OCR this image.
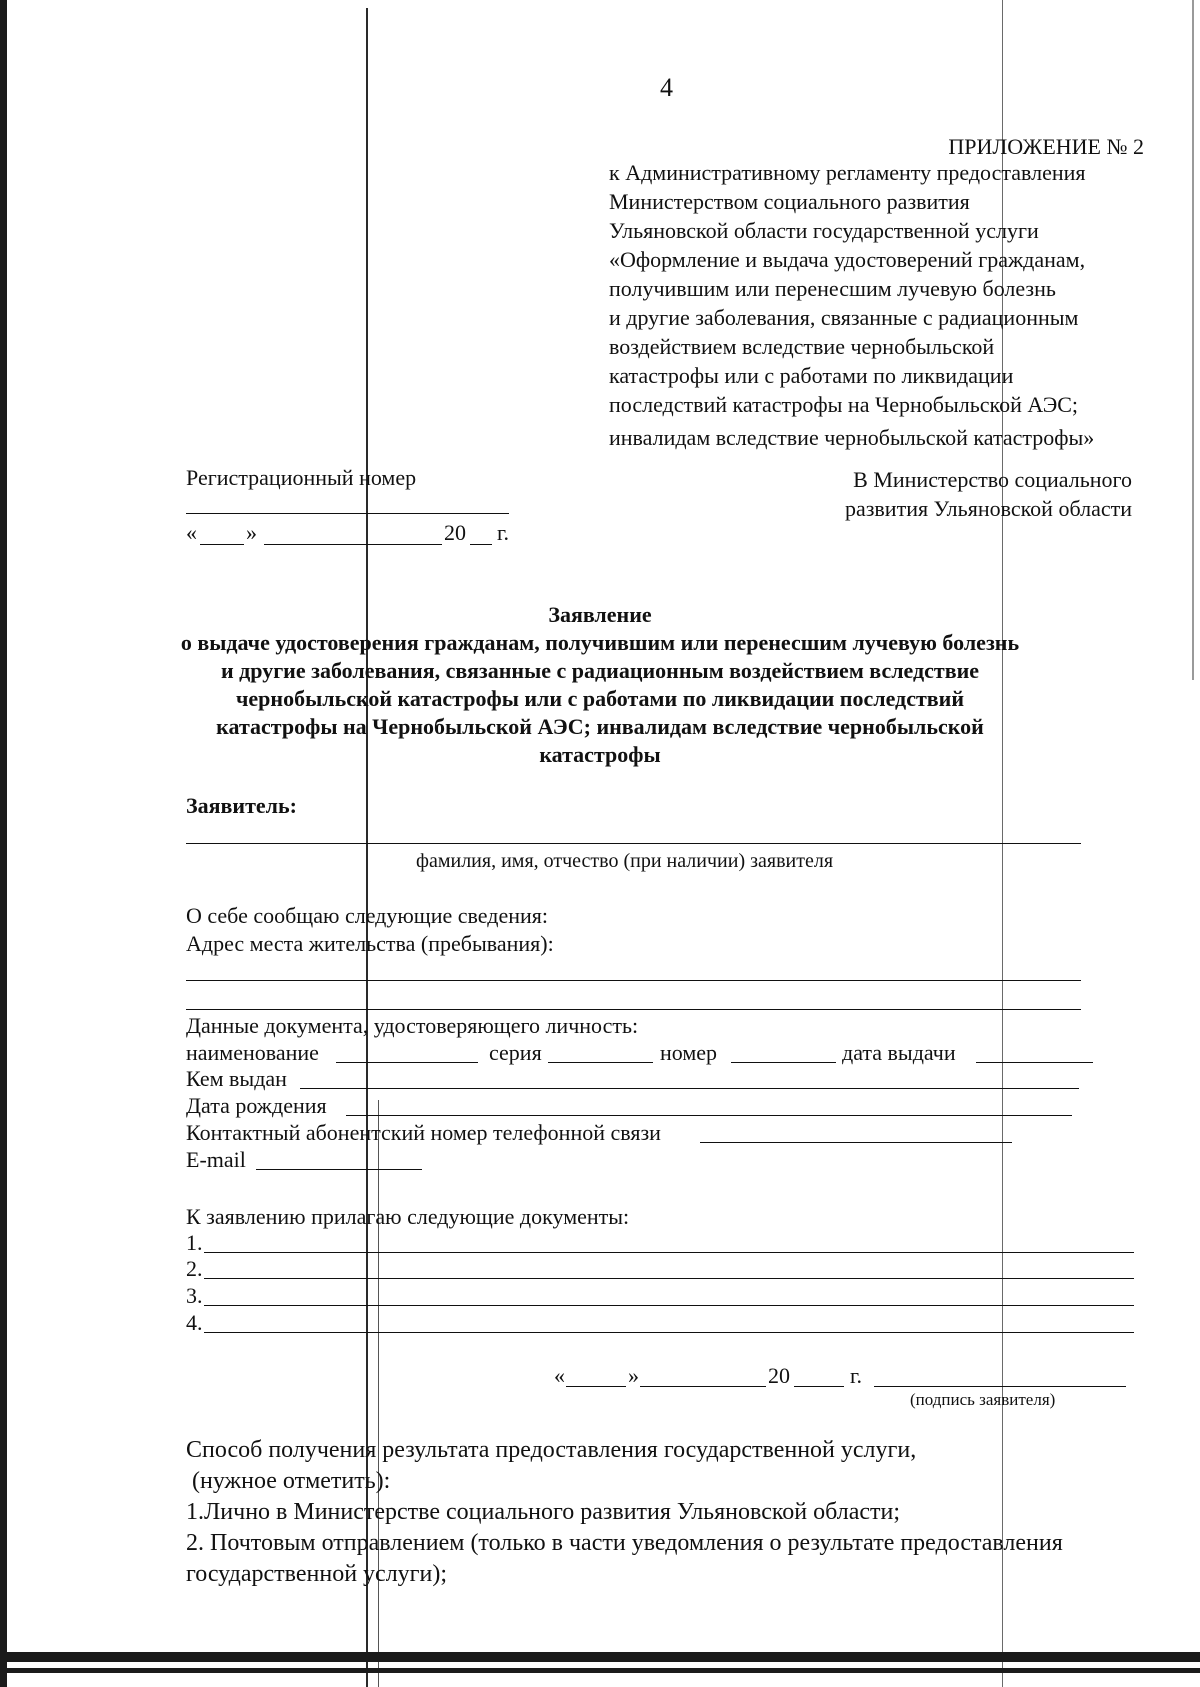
4
ПРИЛОЖЕНИЕ № 2
к Административному регламенту предоставления
Министерством социального развития
Ульяновской области государственной услуги
«Оформление и выдача удостоверений гражданам,
получившим или перенесшим лучевую болезнь
и другие заболевания, связанные с радиационным
воздействием вследствие чернобыльской
катастрофы или с работами по ликвидации
последствий катастрофы на Чернобыльской АЭС;
инвалидам вследствие чернобыльской катастрофы»
Регистрационный номер
« »	20 г.
В Министерство социального
развития Ульяновской области
Заявление
о выдаче удостоверения гражданам, получившим или перенесшим лучевую болезнь
и другие заболевания, связанные с радиационным воздействием вследствие
чернобыльской катастрофы или с работами по ликвидации последствий
катастрофы на Чернобыльской АЭС; инвалидам вследствие чернобыльской
катастрофы
Заявитель:
фамилия, имя, отчество (при наличии) заявителя
О себе сообщаю следующие сведения:
Адрес места жительства (пребывания):
Данные документа, удостоверяющего личность:
наименование	серия	номер	дата выдачи
Кем выдан
Дата рождения
Контактный абонентский номер телефонной связи
E-mail
К заявлению прилагаю следующие документы:
1.
2.
3.
4.
«	»	20	г.
(подпись заявителя)
Способ получения результата предоставления государственной услуги,
(нужное отметить):
1.Лично в Министерстве социального развития Ульяновской области;
2. Почтовым отправлением (только в части уведомления о результате предоставления
государственной услуги);
